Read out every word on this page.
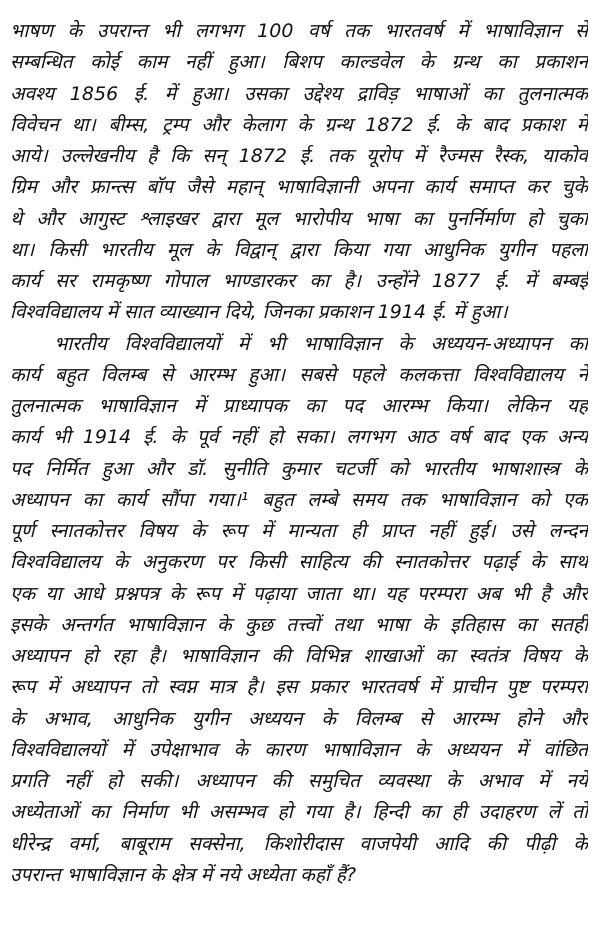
भाषण के उपरान्त भी लगभग 100 वर्ष तक भारतवर्ष में भाषाविज्ञान से
सम्बन्धित कोई काम नहीं हुआ। बिशप काल्डवेल के ग्रन्थ का प्रकाशन
अवश्य 1856 ई. में हुआ। उसका उद्देश्य द्राविड़ भाषाओं का तुलनात्मक
विवेचन था। बीम्स, ट्रम्प और केलाग के ग्रन्थ 1872 ई. के बाद प्रकाश में
आये। उल्लेखनीय है कि सन् 1872 ई. तक यूरोप में रैज्मस रैस्क, याकोव
ग्रिम और फ्रान्त्स बॉप जैसे महान् भाषाविज्ञानी अपना कार्य समाप्त कर चुके
थे और आगुस्ट श्लाइखर द्वारा मूल भारोपीय भाषा का पुनर्निर्माण हो चुका
था। किसी भारतीय मूल के विद्वान् द्वारा किया गया आधुनिक युगीन पहला
कार्य सर रामकृष्ण गोपाल भाण्डारकर का है। उन्होंने 1877 ई. में बम्बई
विश्वविद्यालय में सात व्याख्यान दिये, जिनका प्रकाशन 1914 ई. में हुआ।
भारतीय विश्वविद्यालयों में भी भाषाविज्ञान के अध्ययन-अध्यापन का
कार्य बहुत विलम्ब से आरम्भ हुआ। सबसे पहले कलकत्ता विश्वविद्यालय ने
तुलनात्मक भाषाविज्ञान में प्राध्यापक का पद आरम्भ किया। लेकिन यह
कार्य भी 1914 ई. के पूर्व नहीं हो सका। लगभग आठ वर्ष बाद एक अन्य
पद निर्मित हुआ और डॉ. सुनीति कुमार चटर्जी को भारतीय भाषाशास्त्र के
अध्यापन का कार्य सौंपा गया।¹ बहुत लम्बे समय तक भाषाविज्ञान को एक
पूर्ण स्नातकोत्तर विषय के रूप में मान्यता ही प्राप्त नहीं हुई। उसे लन्दन
विश्वविद्यालय के अनुकरण पर किसी साहित्य की स्नातकोत्तर पढ़ाई के साथ
एक या आधे प्रश्नपत्र के रूप में पढ़ाया जाता था। यह परम्परा अब भी है और
इसके अन्तर्गत भाषाविज्ञान के कुछ तत्त्वों तथा भाषा के इतिहास का सतही
अध्यापन हो रहा है। भाषाविज्ञान की विभिन्न शाखाओं का स्वतंत्र विषय के
रूप में अध्यापन तो स्वप्न मात्र है। इस प्रकार भारतवर्ष में प्राचीन पुष्ट परम्परा
के अभाव, आधुनिक युगीन अध्ययन के विलम्ब से आरम्भ होने और
विश्वविद्यालयों में उपेक्षाभाव के कारण भाषाविज्ञान के अध्ययन में वांछित
प्रगति नहीं हो सकी। अध्यापन की समुचित व्यवस्था के अभाव में नये
अध्येताओं का निर्माण भी असम्भव हो गया है। हिन्दी का ही उदाहरण लें तो
धीरेन्द्र वर्मा, बाबूराम सक्सेना, किशोरीदास वाजपेयी आदि की पीढ़ी के
उपरान्त भाषाविज्ञान के क्षेत्र में नये अध्येता कहाँ हैं?
